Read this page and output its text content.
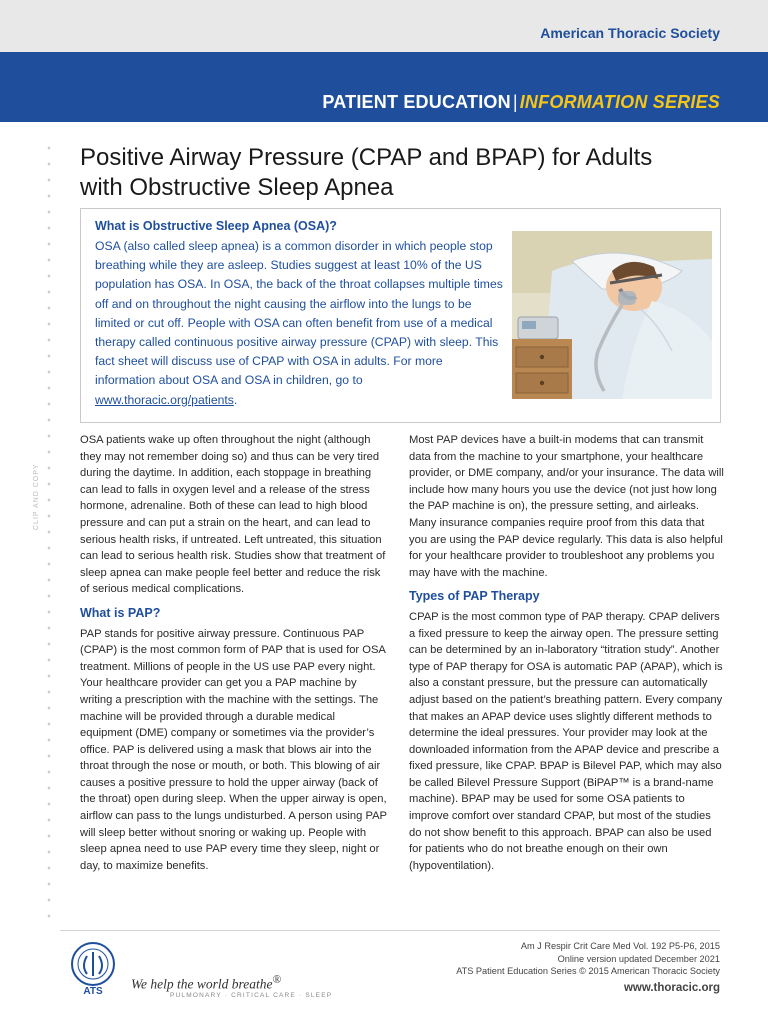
American Thoracic Society
PATIENT EDUCATION | INFORMATION SERIES
CLIP AND COPY
Positive Airway Pressure (CPAP and BPAP) for Adults with Obstructive Sleep Apnea
What is Obstructive Sleep Apnea (OSA)?
OSA (also called sleep apnea) is a common disorder in which people stop breathing while they are asleep. Studies suggest at least 10% of the US population has OSA. In OSA, the back of the throat collapses multiple times off and on throughout the night causing the airflow into the lungs to be limited or cut off. People with OSA can often benefit from use of a medical therapy called continuous positive airway pressure (CPAP) with sleep. This fact sheet will discuss use of CPAP with OSA in adults. For more information about OSA and OSA in children, go to www.thoracic.org/patients.

OSA patients wake up often throughout the night (although they may not remember doing so) and thus can be very tired during the daytime. In addition, each stoppage in breathing can lead to falls in oxygen level and a release of the stress hormone, adrenaline. Both of these can lead to high blood pressure and can put a strain on the heart, and can lead to serious health risks, if untreated. Left untreated, this situation can lead to serious health risk. Studies show that treatment of sleep apnea can make people feel better and reduce the risk of serious medical complications.

What is PAP?

PAP stands for positive airway pressure. Continuous PAP (CPAP) is the most common form of PAP that is used for OSA treatment. Millions of people in the US use PAP every night. Your healthcare provider can get you a PAP machine by writing a prescription with the machine with the settings. The machine will be provided through a durable medical equipment (DME) company or sometimes via the provider’s office. PAP is delivered using a mask that blows air into the throat through the nose or mouth, or both. This blowing of air causes a positive pressure to hold the upper airway (back of the throat) open during sleep. When the upper airway is open, airflow can pass to the lungs undisturbed. A person using PAP will sleep better without snoring or waking up. People with sleep apnea need to use PAP every time they sleep, night or day, to maximize benefits.

Most PAP devices have a built-in modems that can transmit data from the machine to your smartphone, your healthcare provider, or DME company, and/or your insurance. The data will include how many hours you use the device (not just how long the PAP machine is on), the pressure setting, and airleaks. Many insurance companies require proof from this data that you are using the PAP device regularly. This data is also helpful for your healthcare provider to troubleshoot any problems you may have with the machine.

Types of PAP Therapy

CPAP is the most common type of PAP therapy. CPAP delivers a fixed pressure to keep the airway open. The pressure setting can be determined by an in-laboratory “titration study”. Another type of PAP therapy for OSA is automatic PAP (APAP), which is also a constant pressure, but the pressure can automatically adjust based on the patient’s breathing pattern. Every company that makes an APAP device uses slightly different methods to determine the ideal pressures. Your provider may look at the downloaded information from the APAP device and prescribe a fixed pressure, like CPAP. BPAP is Bilevel PAP, which may also be called Bilevel Pressure Support (BiPAP™ is a brand-name machine). BPAP may be used for some OSA patients to improve comfort over standard CPAP, but most of the studies do not show benefit to this approach. BPAP can also be used for patients who do not breathe enough on their own (hypoventilation).

ATS We help the world breathe®
PULMONARY · CRITICAL CARE · SLEEP
Am J Respir Crit Care Med Vol. 192 P5-P6, 2015
Online version updated December 2021
ATS Patient Education Series © 2015 American Thoracic Society
www.thoracic.org
